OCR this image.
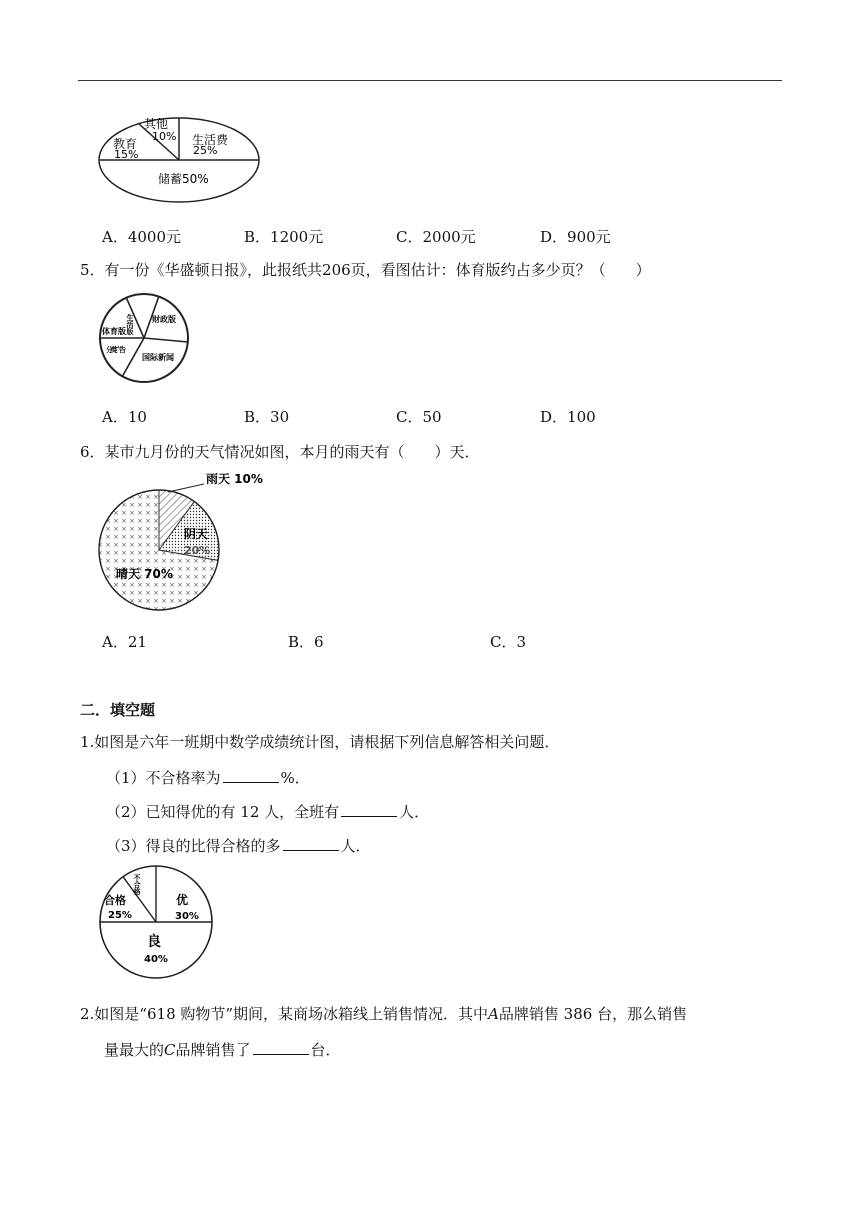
其他
10% 生活费
25%
教育
15%
储蓄50%
A．4000元	B．1200元	C．2000元	D．900元
5．有一份《华盛顿日报》，此报纸共206页，看图估计：体育版约占多少页？（　　）
生活版 财政版
体育版
分类广告
国际新闻
A．10	B．30	C．50	D．100
6．某市九月份的天气情况如图，本月的雨天有（　　）天．
雨天 10%
阴天
20%
晴天 70%
A．21	B．6	C．3
二．填空题
1.如图是六年一班期中数学成绩统计图，请根据下列信息解答相关问题．
（1）不合格率为	%．
（2）已知得优的有 12 人，全班有	人．
（3）得良的比得合格的多	人．
不合格
合格
25%
优
30%
良
40%
2.如图是“618 购物节”期间，某商场冰箱线上销售情况．其中A品牌销售 386 台，那么销售
量最大的C品牌销售了	台．
